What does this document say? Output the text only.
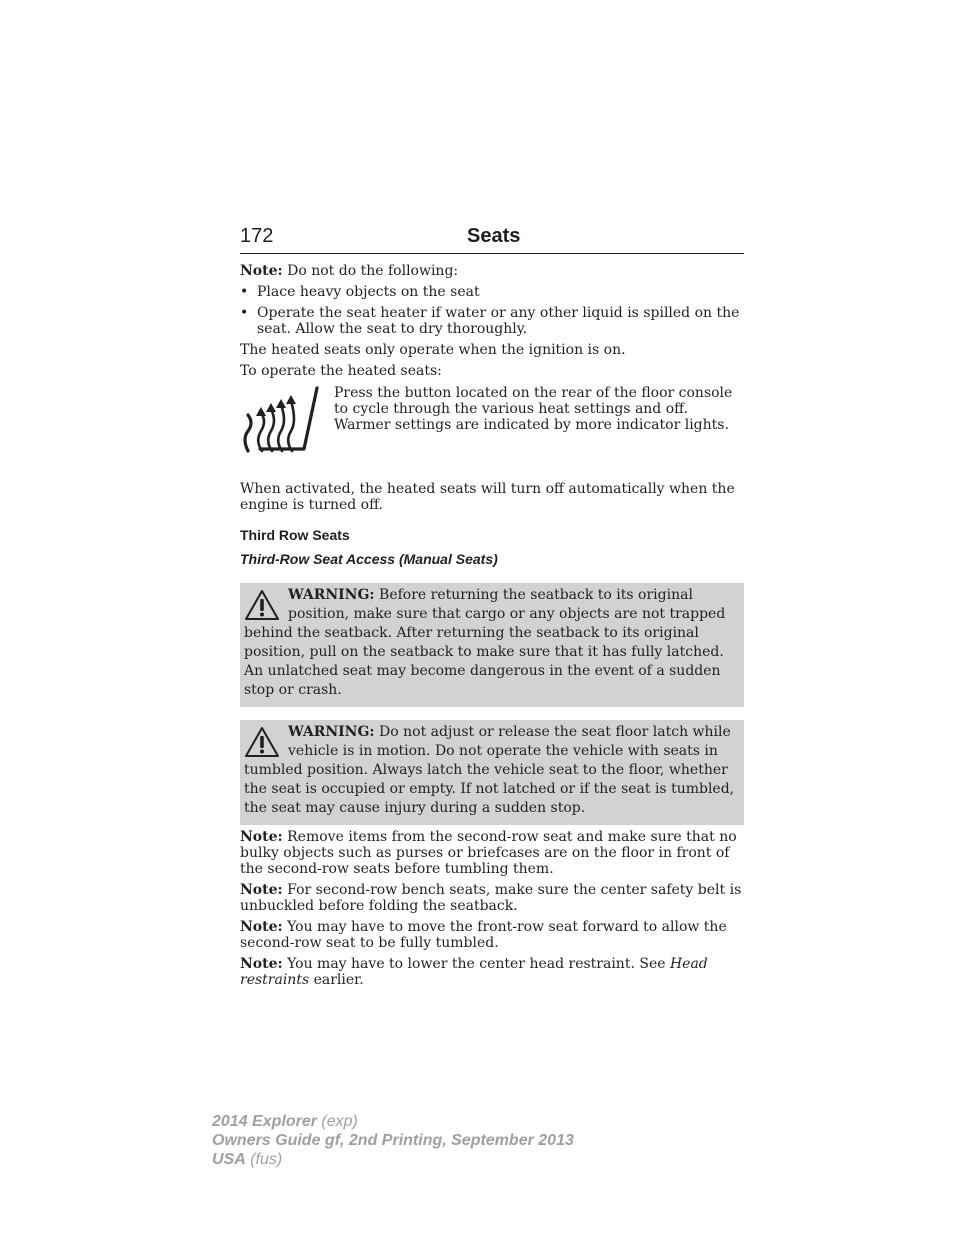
172	Seats

Note: Do not do the following:

• Place heavy objects on the seat
• Operate the seat heater if water or any other liquid is spilled on the seat. Allow the seat to dry thoroughly.

The heated seats only operate when the ignition is on.

To operate the heated seats:

Press the button located on the rear of the floor console to cycle through the various heat settings and off. Warmer settings are indicated by more indicator lights.

When activated, the heated seats will turn off automatically when the engine is turned off.

Third Row Seats
Third-Row Seat Access (Manual Seats)
WARNING: Before returning the seatback to its original position, make sure that cargo or any objects are not trapped behind the seatback. After returning the seatback to its original position, pull on the seatback to make sure that it has fully latched. An unlatched seat may become dangerous in the event of a sudden stop or crash.
WARNING: Do not adjust or release the seat floor latch while vehicle is in motion. Do not operate the vehicle with seats in tumbled position. Always latch the vehicle seat to the floor, whether the seat is occupied or empty. If not latched or if the seat is tumbled, the seat may cause injury during a sudden stop.

Note: Remove items from the second-row seat and make sure that no bulky objects such as purses or briefcases are on the floor in front of the second-row seats before tumbling them.

Note: For second-row bench seats, make sure the center safety belt is unbuckled before folding the seatback.

Note: You may have to move the front-row seat forward to allow the second-row seat to be fully tumbled.

Note: You may have to lower the center head restraint. See Head restraints earlier.

2014 Explorer (exp)
Owners Guide gf, 2nd Printing, September 2013
USA (fus)
